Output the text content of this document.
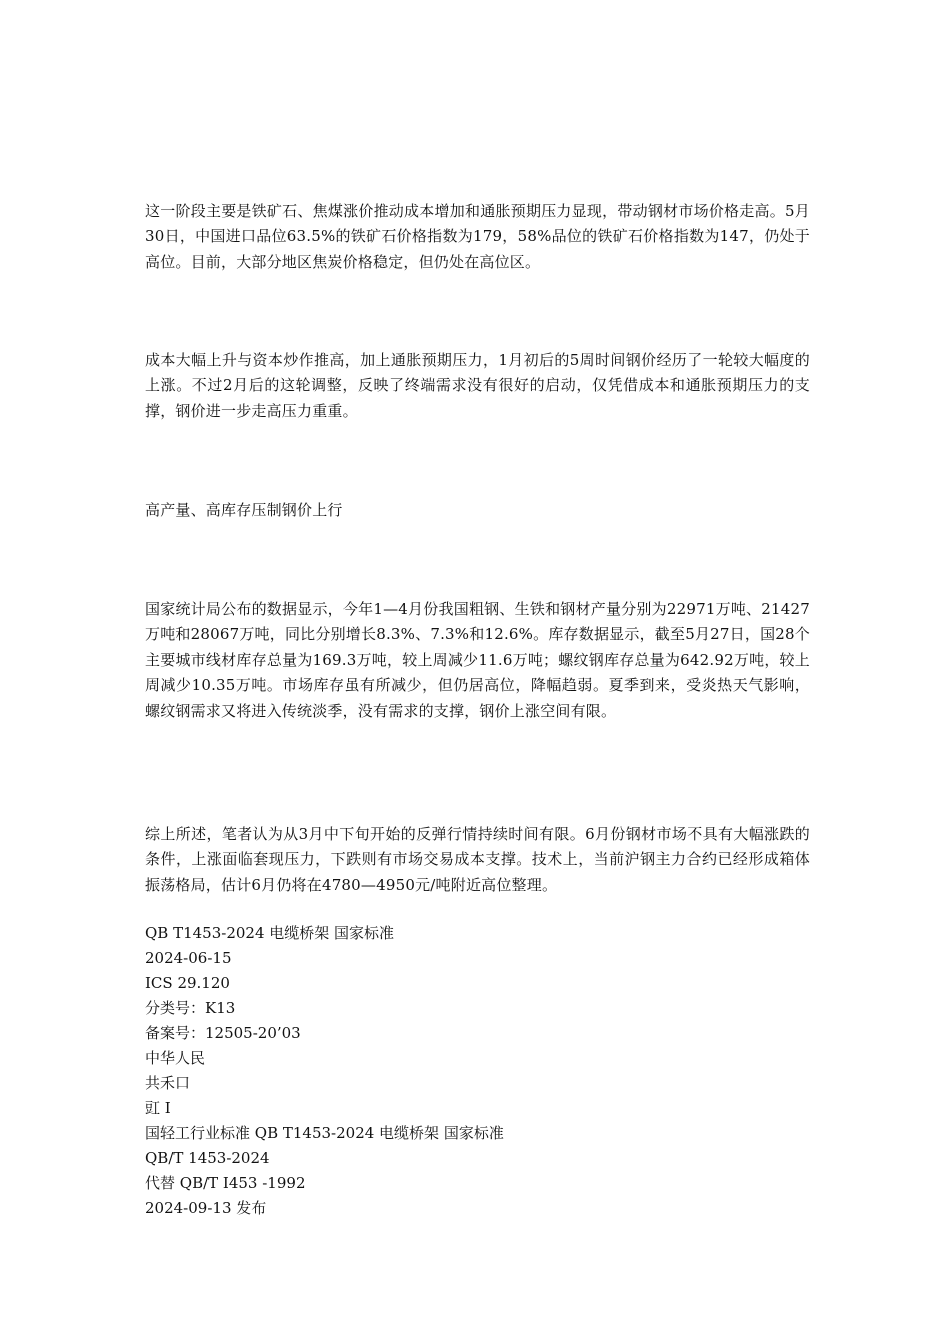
这一阶段主要是铁矿石、焦煤涨价推动成本增加和通胀预期压力显现，带动钢材市场价格走高。5月30日，中国进口品位63.5%的铁矿石价格指数为179，58%品位的铁矿石价格指数为147，仍处于高位。目前，大部分地区焦炭价格稳定，但仍处在高位区。

成本大幅上升与资本炒作推高，加上通胀预期压力，1月初后的5周时间钢价经历了一轮较大幅度的上涨。不过2月后的这轮调整，反映了终端需求没有很好的启动，仅凭借成本和通胀预期压力的支撑，钢价进一步走高压力重重。

高产量、高库存压制钢价上行

国家统计局公布的数据显示，今年1—4月份我国粗钢、生铁和钢材产量分别为22971万吨、21427万吨和28067万吨，同比分别增长8.3%、7.3%和12.6%。库存数据显示，截至5月27日，国28个主要城市线材库存总量为169.3万吨，较上周减少11.6万吨；螺纹钢库存总量为642.92万吨，较上周减少10.35万吨。市场库存虽有所减少，但仍居高位，降幅趋弱。夏季到来，受炎热天气影响，螺纹钢需求又将进入传统淡季，没有需求的支撑，钢价上涨空间有限。

综上所述，笔者认为从3月中下旬开始的反弹行情持续时间有限。6月份钢材市场不具有大幅涨跌的条件，上涨面临套现压力，下跌则有市场交易成本支撑。技术上，当前沪钢主力合约已经形成箱体振荡格局，估计6月仍将在4780—4950元/吨附近高位整理。

QB T1453-2024 电缆桥架 国家标准
2024-06-15
ICS 29.120
分类号：K13
备案号：12505-20’03
中华人民
共禾口
豇 I
国轻工行业标准 QB T1453-2024 电缆桥架 国家标准
QB/T 1453-2024
代替 QB/T I453 -1992
2024-09-13 发布
